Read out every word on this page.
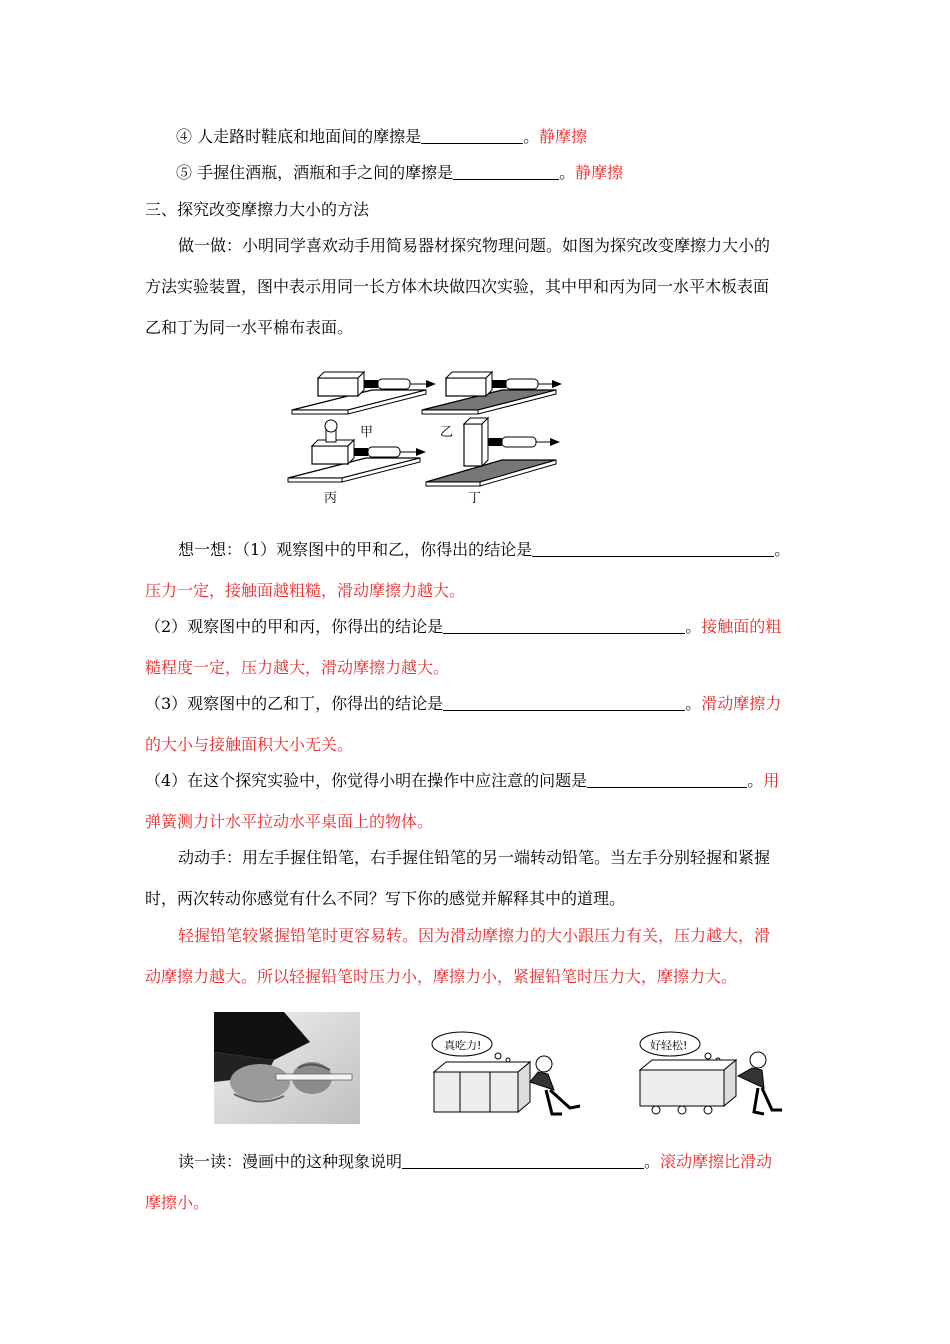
④ 人走路时鞋底和地面间的摩擦是	。静摩擦
⑤ 手握住酒瓶，酒瓶和手之间的摩擦是	。静摩擦
三、探究改变摩擦力大小的方法
做一做：小明同学喜欢动手用简易器材探究物理问题。如图为探究改变摩擦力大小的
方法实验装置，图中表示用同一长方体木块做四次实验，其中甲和丙为同一水平木板表面
乙和丁为同一水平棉布表面。
甲	乙
丙	丁
想一想：（1）观察图中的甲和乙，你得出的结论是	。
压力一定，接触面越粗糙，滑动摩擦力越大。
（2）观察图中的甲和丙，你得出的结论是	。接触面的粗
糙程度一定，压力越大，滑动摩擦力越大。
（3）观察图中的乙和丁，你得出的结论是	。滑动摩擦力
的大小与接触面积大小无关。
（4）在这个探究实验中，你觉得小明在操作中应注意的问题是	。用
弹簧测力计水平拉动水平桌面上的物体。
动动手：用左手握住铅笔，右手握住铅笔的另一端转动铅笔。当左手分别轻握和紧握
时，两次转动你感觉有什么不同？写下你的感觉并解释其中的道理。
轻握铅笔较紧握铅笔时更容易转。因为滑动摩擦力的大小跟压力有关，压力越大，滑
动摩擦力越大。所以轻握铅笔时压力小，摩擦力小，紧握铅笔时压力大，摩擦力大。
真吃力!	好轻松!
读一读：漫画中的这种现象说明	。滚动摩擦比滑动
摩擦小。
